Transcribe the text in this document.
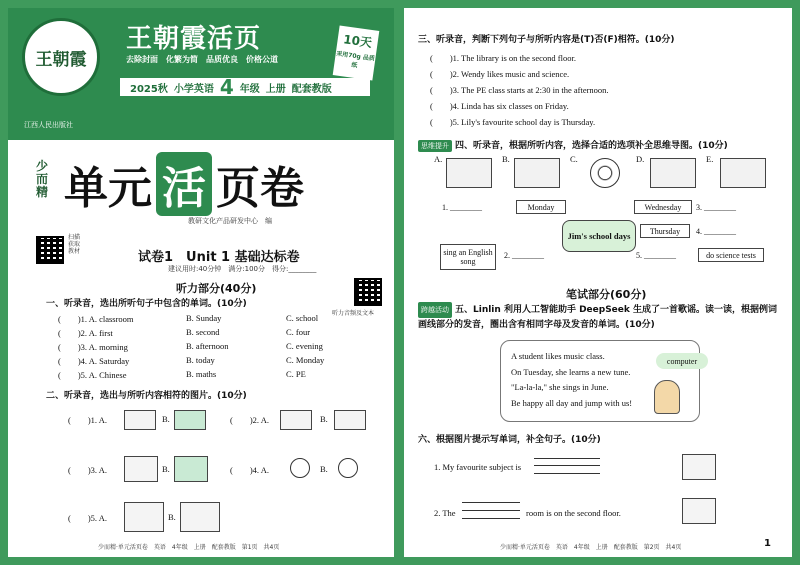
王朝霞
王朝霞活页
去除封面 化繁为简 品质优良 价格公道
10天
采用70g 品质纸
2025秋 小学英语 4 年级 上册 配套教版
江西人民出版社
少而精 单元 活 页卷
教研文化产品研发中心　编
扫描获取教材
听力音频及文本
试卷1　Unit 1 基础达标卷
建议用时:40分钟　满分:100分　得分:________
听力部分(40分)
一、听录音，选出所听句子中包含的单词。(10分)
二、听录音，选出与所听内容相符的图片。(10分)
(　　)1. A.	B.	(　　)2. A.	B.
(　　)3. A.	B.	(　　)4. A.	B.
(　　)5. A.	B.
少而精·单元活页卷　英语　4年级　上册　配套教版　第1页　共4页
(　　)1. A. classroom	B. Sunday	C. school
(　　)2. A. first	B. second	C. four
(　　)3. A. morning	B. afternoon	C. evening
(　　)4. A. Saturday	B. today	C. Monday
(　　)5. A. Chinese	B. maths	C. PE
三、听录音，判断下列句子与所听内容是(T)否(F)相符。(10分)
思维提升 四、听录音，根据所听内容，选择合适的选项补全思维导图。(10分)
A.	B.	C.	D.	E.
1. ________	Monday
Jim's school days
Wednesday	3. ________
Thursday	4. ________
sing an English song
2. ________	5. ________	do science tests
笔试部分(60分)
跨越活动 五、Linlin 利用人工智能助手 DeepSeek 生成了一首歌谣。读一读，根据例词画线部分的发音，圈出含有相同字母及发音的单词。(10分)
A student likes music class.
On Tuesday, she learns a new tune.
"La-la-la," she sings in June.
Be happy all day and jump with us!
computer
六、根据图片提示写单词，补全句子。(10分)
1. My favourite subject is
2. The	room is on the second floor.
少而精·单元活页卷　英语　4年级　上册　配套教版　第2页　共4页	1
(　　)1. The library is on the second floor.
(　　)2. Wendy likes music and science.
(　　)3. The PE class starts at 2:30 in the afternoon.
(　　)4. Linda has six classes on Friday.
(　　)5. Lily's favourite school day is Thursday.
